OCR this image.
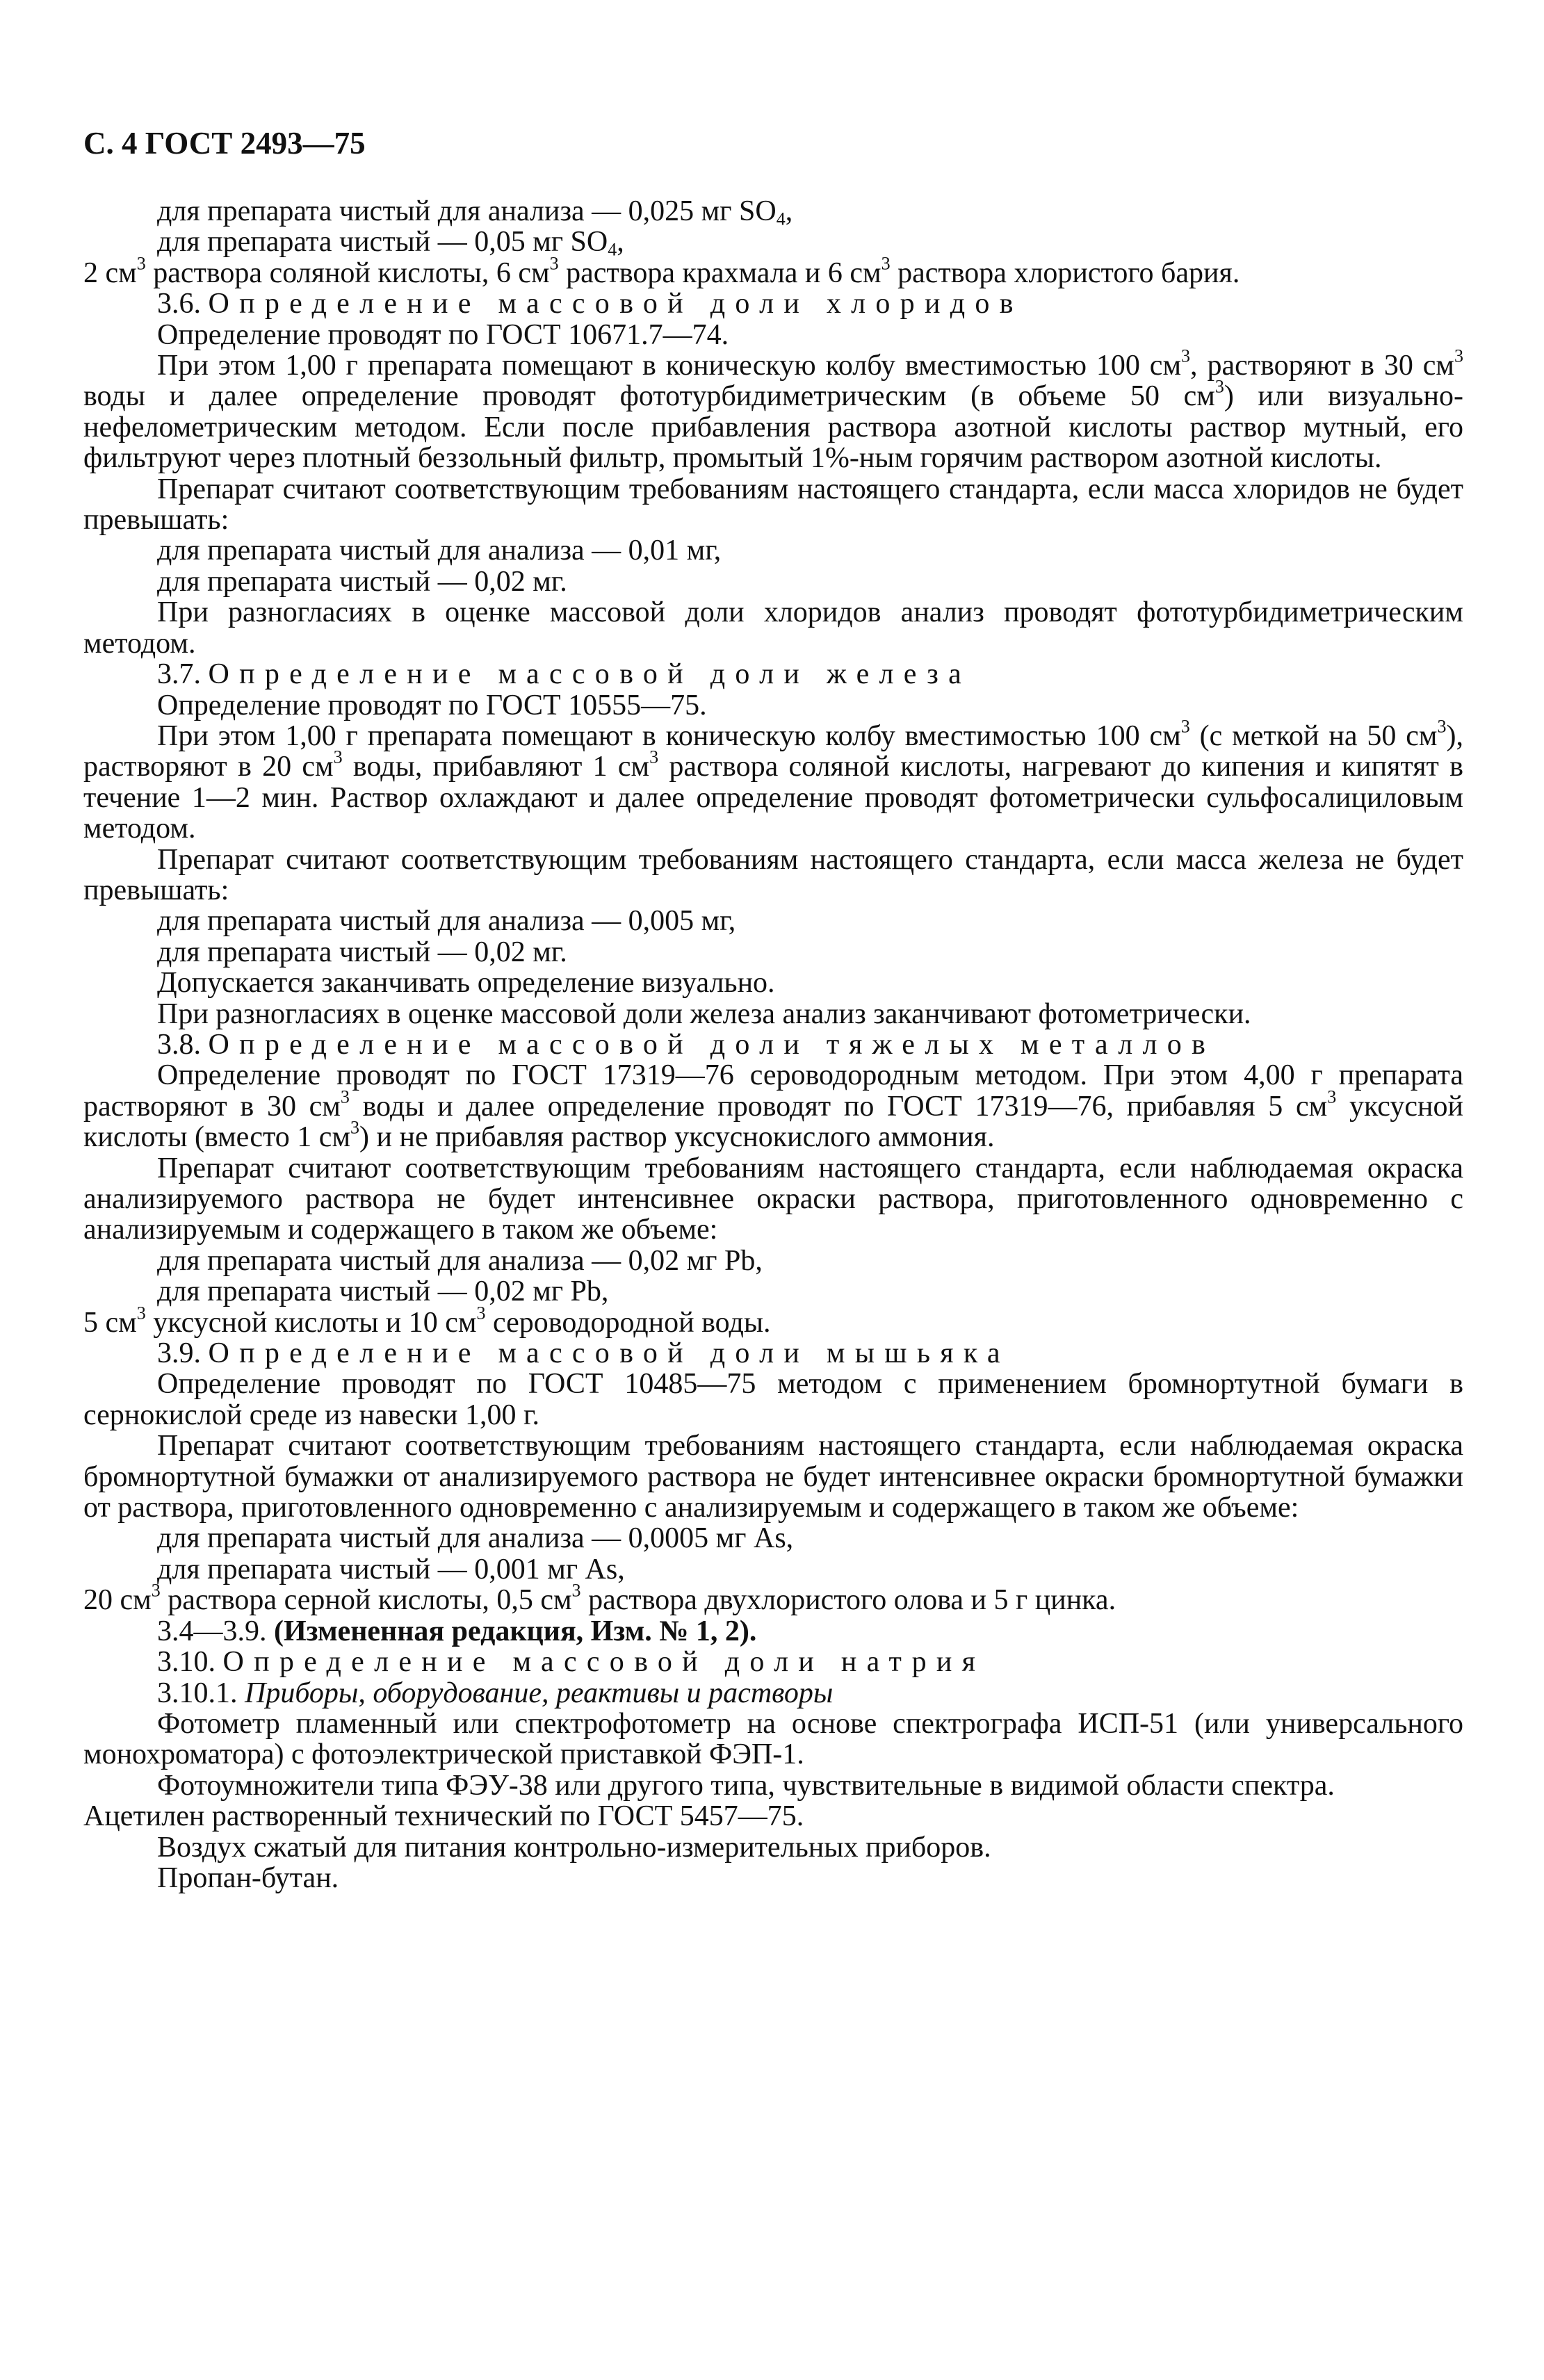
С. 4 ГОСТ 2493—75

для препарата чистый для анализа — 0,025 мг $SO_4$,

для препарата чистый — 0,05 мг $SO_4$,

2 $см^3$ раствора соляной кислоты, 6 $см^3$ раствора крахмала и 6 $см^3$ раствора хлористого бария.

3.6. Определение массовой доли хлоридов

Определение проводят по ГОСТ 10671.7—74.

При этом 1,00 г препарата помещают в коническую колбу вместимостью 100 $см^3$, растворяют в 30 $см^3$ воды и далее определение проводят фототурбидиметрическим (в объеме 50 $см^3$) или визуально-нефелометрическим методом. Если после прибавления раствора азотной кислоты раствор мутный, его фильтруют через плотный беззольный фильтр, промытый 1%-ным горячим раствором азотной кислоты.

Препарат считают соответствующим требованиям настоящего стандарта, если масса хлоридов не будет превышать:

для препарата чистый для анализа — 0,01 мг,

для препарата чистый — 0,02 мг.

При разногласиях в оценке массовой доли хлоридов анализ проводят фототурбидиметрическим методом.

3.7. Определение массовой доли железа

Определение проводят по ГОСТ 10555—75.

При этом 1,00 г препарата помещают в коническую колбу вместимостью 100 $см^3$ (с меткой на 50 $см^3$), растворяют в 20 $см^3$ воды, прибавляют 1 $см^3$ раствора соляной кислоты, нагревают до кипения и кипятят в течение 1—2 мин. Раствор охлаждают и далее определение проводят фотометрически сульфосалициловым методом.

Препарат считают соответствующим требованиям настоящего стандарта, если масса железа не будет превышать:

для препарата чистый для анализа — 0,005 мг,

для препарата чистый — 0,02 мг.

Допускается заканчивать определение визуально.

При разногласиях в оценке массовой доли железа анализ заканчивают фотометрически.

3.8. Определение массовой доли тяжелых металлов

Определение проводят по ГОСТ 17319—76 сероводородным методом. При этом 4,00 г препарата растворяют в 30 $см^3$ воды и далее определение проводят по ГОСТ 17319—76, прибавляя 5 $см^3$ уксусной кислоты (вместо 1 $см^3$) и не прибавляя раствор уксуснокислого аммония.

Препарат считают соответствующим требованиям настоящего стандарта, если наблюдаемая окраска анализируемого раствора не будет интенсивнее окраски раствора, приготовленного одновременно с анализируемым и содержащего в таком же объеме:

для препарата чистый для анализа — 0,02 мг Pb,

для препарата чистый — 0,02 мг Pb,

5 $см^3$ уксусной кислоты и 10 $см^3$ сероводородной воды.

3.9. Определение массовой доли мышьяка

Определение проводят по ГОСТ 10485—75 методом с применением бромнортутной бумаги в сернокислой среде из навески 1,00 г.

Препарат считают соответствующим требованиям настоящего стандарта, если наблюдаемая окраска бромнортутной бумажки от анализируемого раствора не будет интенсивнее окраски бромнортутной бумажки от раствора, приготовленного одновременно с анализируемым и содержащего в таком же объеме:

для препарата чистый для анализа — 0,0005 мг As,

для препарата чистый — 0,001 мг As,

20 $см^3$ раствора серной кислоты, 0,5 $см^3$ раствора двухлористого олова и 5 г цинка.

3.4—3.9. (Измененная редакция, Изм. № 1, 2).

3.10. Определение массовой доли натрия

3.10.1. Приборы, оборудование, реактивы и растворы

Фотометр пламенный или спектрофотометр на основе спектрографа ИСП-51 (или универсального монохроматора) с фотоэлектрической приставкой ФЭП-1.

Фотоумножители типа ФЭУ-38 или другого типа, чувствительные в видимой области спектра.

Ацетилен растворенный технический по ГОСТ 5457—75.

Воздух сжатый для питания контрольно-измерительных приборов.

Пропан-бутан.
